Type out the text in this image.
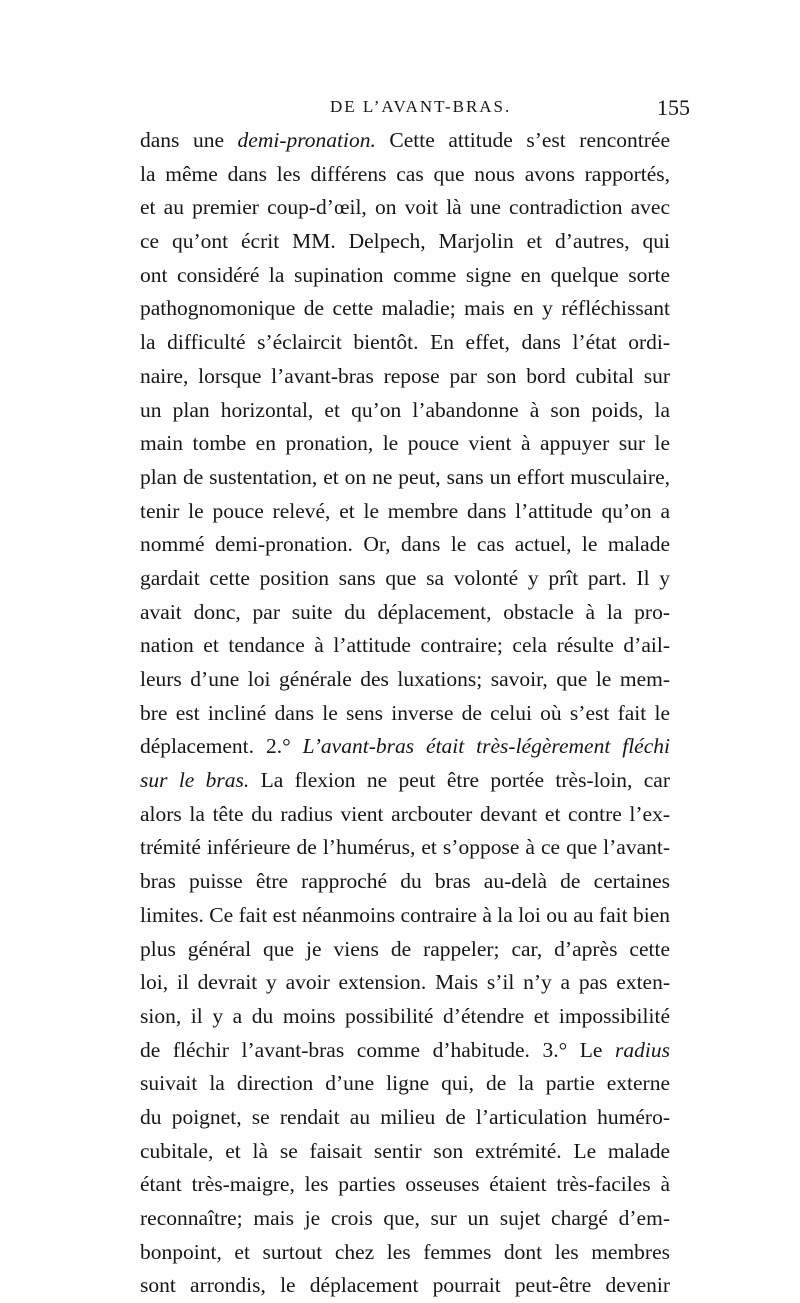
DE L’AVANT-BRAS.	155
dans une demi-pronation. Cette attitude s’est rencontrée
la même dans les différens cas que nous avons rapportés,
et au premier coup-d’œil, on voit là une contradiction avec
ce qu’ont écrit MM. Delpech, Marjolin et d’autres, qui
ont considéré la supination comme signe en quelque sorte
pathognomonique de cette maladie; mais en y réfléchissant
la difficulté s’éclaircit bientôt. En effet, dans l’état ordi-
naire, lorsque l’avant-bras repose par son bord cubital sur
un plan horizontal, et qu’on l’abandonne à son poids, la
main tombe en pronation, le pouce vient à appuyer sur le
plan de sustentation, et on ne peut, sans un effort musculaire,
tenir le pouce relevé, et le membre dans l’attitude qu’on a
nommé demi-pronation. Or, dans le cas actuel, le malade
gardait cette position sans que sa volonté y prît part. Il y
avait donc, par suite du déplacement, obstacle à la pro-
nation et tendance à l’attitude contraire; cela résulte d’ail-
leurs d’une loi générale des luxations; savoir, que le mem-
bre est incliné dans le sens inverse de celui où s’est fait le
déplacement. 2.° L’avant-bras était très-légèrement fléchi
sur le bras. La flexion ne peut être portée très-loin, car
alors la tête du radius vient arcbouter devant et contre l’ex-
trémité inférieure de l’humérus, et s’oppose à ce que l’avant-
bras puisse être rapproché du bras au-delà de certaines
limites. Ce fait est néanmoins contraire à la loi ou au fait bien
plus général que je viens de rappeler; car, d’après cette
loi, il devrait y avoir extension. Mais s’il n’y a pas exten-
sion, il y a du moins possibilité d’étendre et impossibilité
de fléchir l’avant-bras comme d’habitude. 3.° Le radius
suivait la direction d’une ligne qui, de la partie externe
du poignet, se rendait au milieu de l’articulation huméro-
cubitale, et là se faisait sentir son extrémité. Le malade
étant très-maigre, les parties osseuses étaient très-faciles à
reconnaître; mais je crois que, sur un sujet chargé d’em-
bonpoint, et surtout chez les femmes dont les membres
sont arrondis, le déplacement pourrait peut-être devenir
